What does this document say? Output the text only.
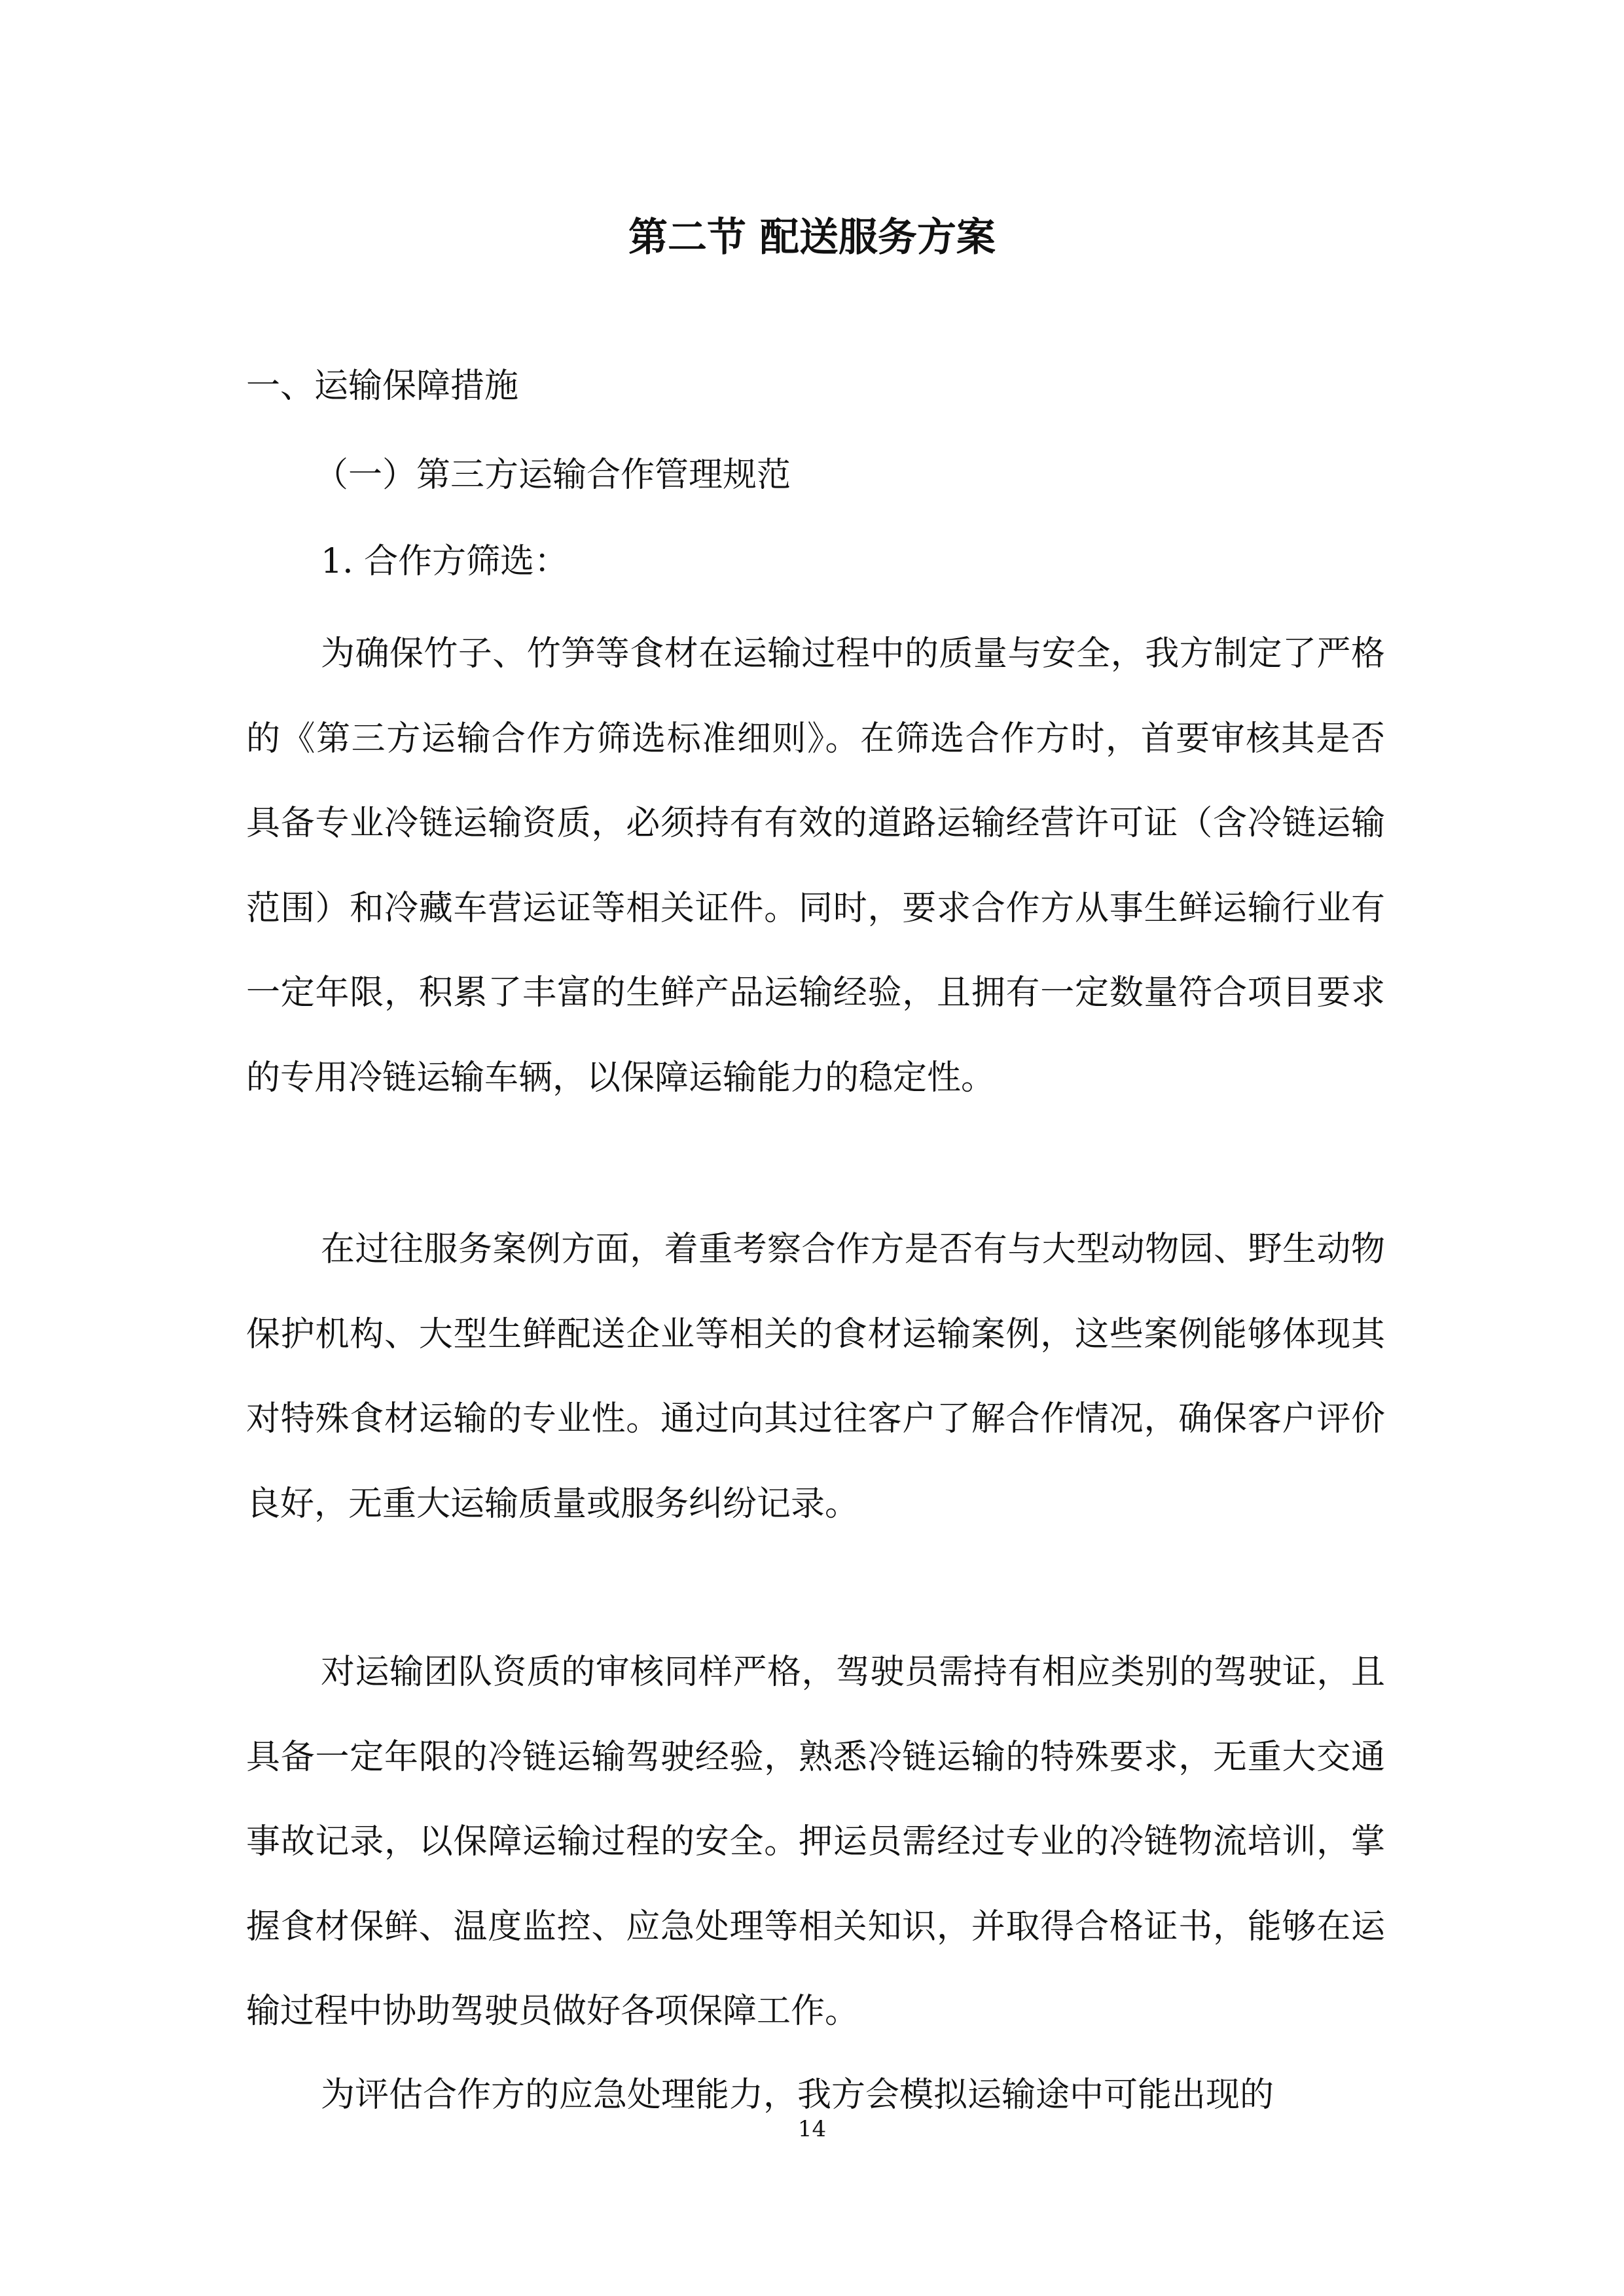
第二节 配送服务方案

一、运输保障措施

（一）第三方运输合作管理规范

1. 合作方筛选：

为确保竹子、竹笋等食材在运输过程中的质量与安全，我方制定了严格的《第三方运输合作方筛选标准细则》。在筛选合作方时，首要审核其是否具备专业冷链运输资质，必须持有有效的道路运输经营许可证（含冷链运输范围）和冷藏车营运证等相关证件。同时，要求合作方从事生鲜运输行业有一定年限，积累了丰富的生鲜产品运输经验，且拥有一定数量符合项目要求的专用冷链运输车辆，以保障运输能力的稳定性。

在过往服务案例方面，着重考察合作方是否有与大型动物园、野生动物保护机构、大型生鲜配送企业等相关的食材运输案例，这些案例能够体现其对特殊食材运输的专业性。通过向其过往客户了解合作情况，确保客户评价良好，无重大运输质量或服务纠纷记录。

对运输团队资质的审核同样严格，驾驶员需持有相应类别的驾驶证，且具备一定年限的冷链运输驾驶经验，熟悉冷链运输的特殊要求，无重大交通事故记录，以保障运输过程的安全。押运员需经过专业的冷链物流培训，掌握食材保鲜、温度监控、应急处理等相关知识，并取得合格证书，能够在运输过程中协助驾驶员做好各项保障工作。

为评估合作方的应急处理能力，我方会模拟运输途中可能出现的

14
